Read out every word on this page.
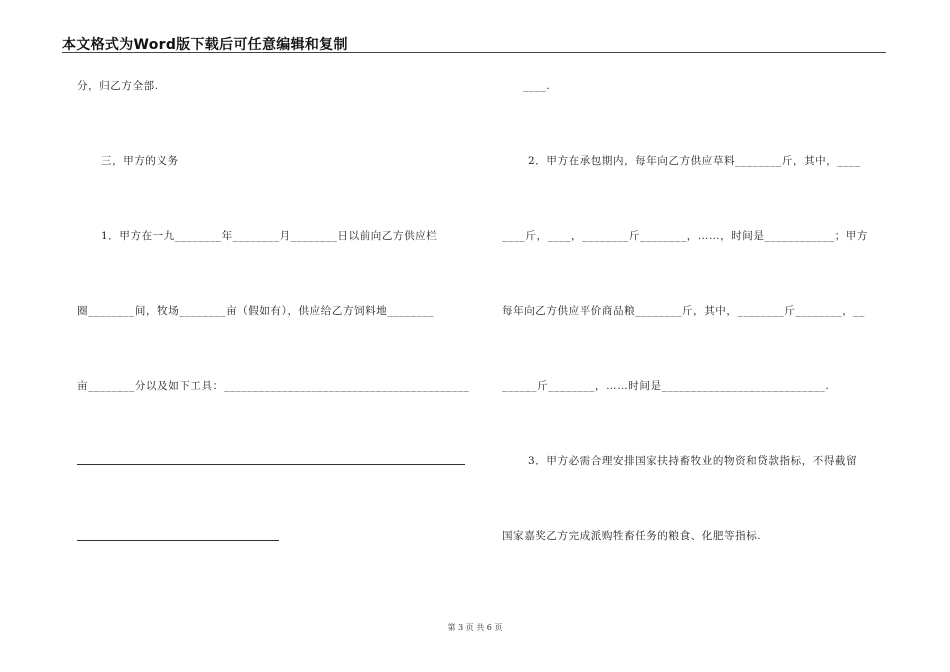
本文格式为Word版下载后可任意编辑和复制
分，归乙方全部.
三，甲方的义务
1．甲方在一九________年________月________日以前向乙方供应栏
圈________间，牧场________亩（假如有），供应给乙方饲料地________
亩________分以及如下工具：__________________________________________
____.
2．甲方在承包期内，每年向乙方供应草料________斤，其中，____
____斤，____，________斤________，……，时间是____________；甲方
每年向乙方供应平价商品粮________斤，其中，________斤________，__
______斤________，……时间是____________________________.
3．甲方必需合理安排国家扶持畜牧业的物资和贷款指标，不得截留
国家嘉奖乙方完成派购牲畜任务的粮食、化肥等指标.
第 3 页 共 6 页
